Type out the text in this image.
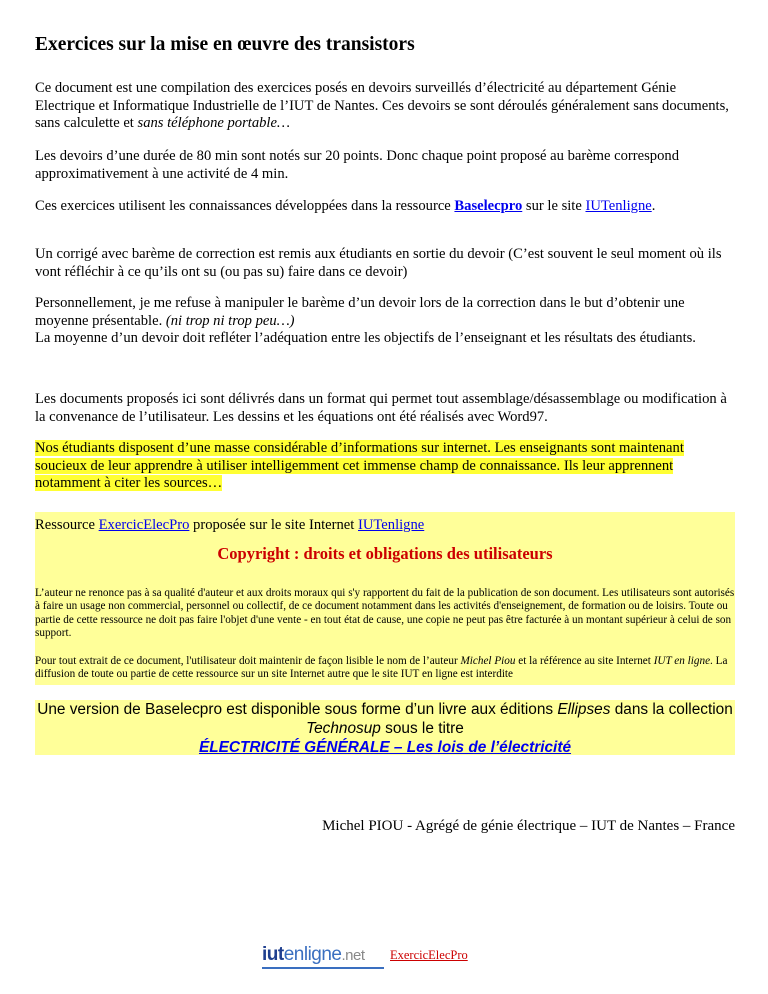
Exercices sur la mise en œuvre des transistors

Ce document est une compilation des exercices posés en devoirs surveillés d’électricité au département Génie Electrique et Informatique Industrielle de l’IUT de Nantes. Ces devoirs se sont déroulés généralement sans documents, sans calculette et sans téléphone portable…

Les devoirs d’une durée de 80 min sont notés sur 20 points. Donc chaque point proposé au barème correspond approximativement à une activité de 4 min.

Ces exercices utilisent les connaissances développées dans la ressource Baselecpro sur le site IUTenligne.

Un corrigé avec barème de correction est remis aux étudiants en sortie du devoir (C’est souvent le seul moment où ils vont réfléchir à ce qu’ils ont su (ou pas su) faire dans ce devoir)

Personnellement, je me refuse à manipuler le barème d’un devoir lors de la correction dans le but d’obtenir une moyenne présentable. (ni trop ni trop peu…)
La moyenne d’un devoir doit refléter l’adéquation entre les objectifs de l’enseignant et les résultats des étudiants.

Les documents proposés ici sont délivrés dans un format qui permet tout assemblage/désassemblage ou modification à la convenance de l’utilisateur. Les dessins et les équations ont été réalisés avec Word97.

Nos étudiants disposent d’une masse considérable d’informations sur internet. Les enseignants sont maintenant soucieux de leur apprendre à utiliser intelligemment cet immense champ de connaissance. Ils leur apprennent notamment à citer les sources…

Ressource ExercicElecPro proposée sur le site Internet IUTenligne
Copyright : droits et obligations des utilisateurs

L’auteur ne renonce pas à sa qualité d'auteur et aux droits moraux qui s'y rapportent du fait de la publication de son document. Les utilisateurs sont autorisés à faire un usage non commercial, personnel ou collectif, de ce document notamment dans les activités d'enseignement, de formation ou de loisirs. Toute ou partie de cette ressource ne doit pas faire l'objet d'une vente - en tout état de cause, une copie ne peut pas être facturée à un montant supérieur à celui de son support.

Pour tout extrait de ce document, l'utilisateur doit maintenir de façon lisible le nom de l’auteur Michel Piou et la référence au site Internet IUT en ligne. La diffusion de toute ou partie de cette ressource sur un site Internet autre que le site IUT en ligne est interdite

Une version de Baselecpro est disponible sous forme d’un livre aux éditions Ellipses dans la collection
Technosup sous le titre
ÉLECTRICITÉ GÉNÉRALE – Les lois de l’électricité
Michel PIOU - Agrégé de génie électrique – IUT de Nantes – France
iutenligne.net ExercicElecPro
